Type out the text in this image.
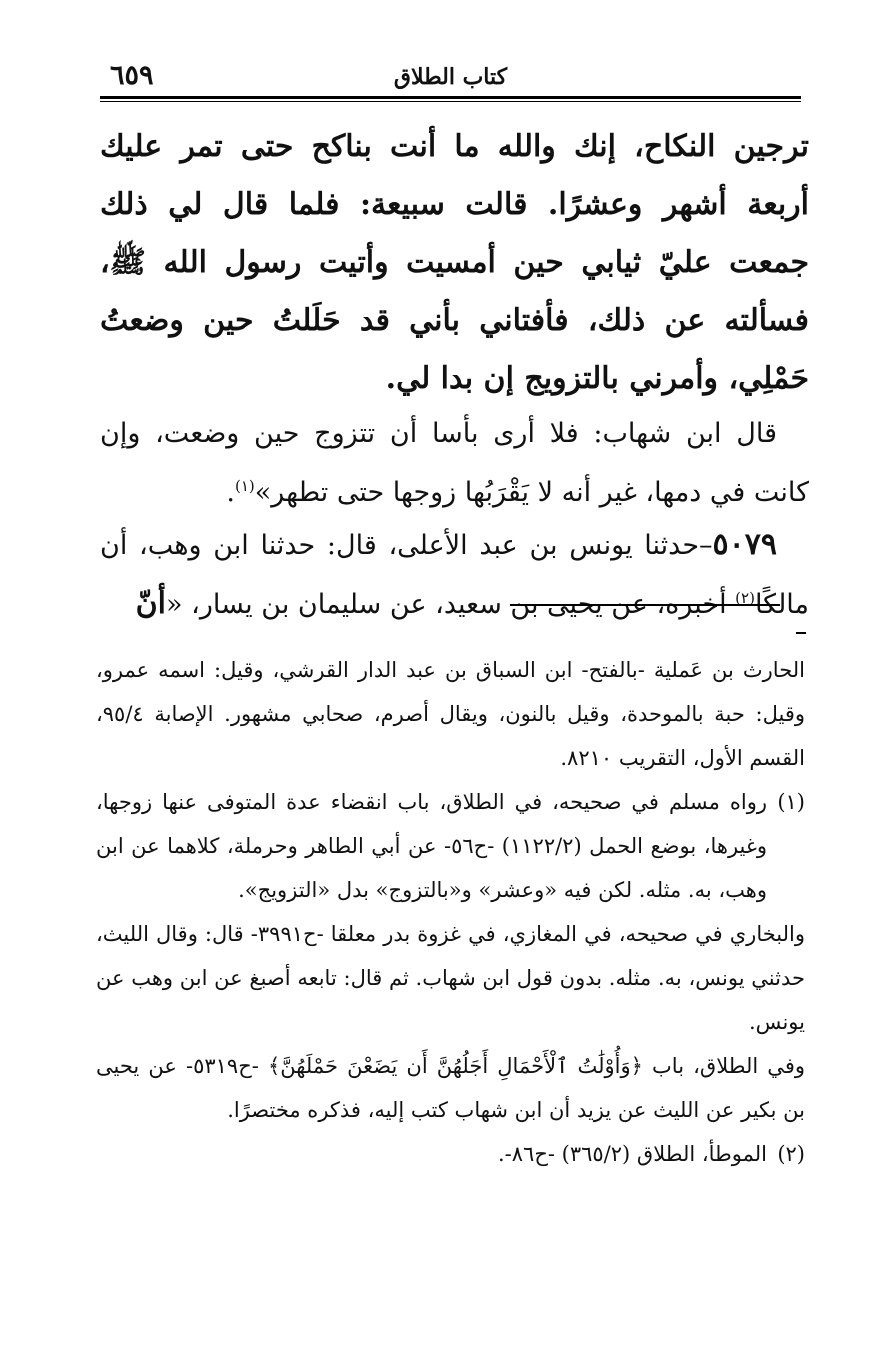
٦٥٩	كتاب الطلاق

ترجين النكاح، إنك والله ما أنت بناكح حتى تمر عليك أربعة أشهر وعشرًا. قالت سبيعة: فلما قال لي ذلك جمعت عليّ ثيابي حين أمسيت وأتيت رسول الله ﷺ، فسألته عن ذلك، فأفتاني بأني قد حَلَلتُ حين وضعتُ حَمْلِي، وأمرني بالتزويج إن بدا لي.

قال ابن شهاب: فلا أرى بأسا أن تتزوج حين وضعت، وإن كانت في دمها، غير أنه لا يَقْرَبُها زوجها حتى تطهر»$^{(١)}$.

٥٠٧٩–حدثنا يونس بن عبد الأعلى، قال: حدثنا ابن وهب، أن مالكًا$^{(٢)}$ أخبره، عن يحيى بن سعيد، عن سليمان بن يسار، «أنّ

الحارث بن عَملية -بالفتح- ابن السباق بن عبد الدار القرشي، وقيل: اسمه عمرو، وقيل: حبة بالموحدة، وقيل بالنون، ويقال أصرم، صحابي مشهور. الإصابة ٩٥/٤، القسم الأول، التقريب ٨٢١٠.

(١)

رواه مسلم في صحيحه، في الطلاق، باب انقضاء عدة المتوفى عنها زوجها، وغيرها، بوضع الحمل (١١٢٢/٢) -ح٥٦- عن أبي الطاهر وحرملة، كلاهما عن ابن وهب، به. مثله. لكن فيه «وعشر» و«بالتزوج» بدل «التزويج».

والبخاري في صحيحه، في المغازي، في غزوة بدر معلقا -ح٣٩٩١- قال: وقال الليث، حدثني يونس، به. مثله. بدون قول ابن شهاب. ثم قال: تابعه أصبغ عن ابن وهب عن يونس.

وفي الطلاق، باب ﴿وَأُوْلَٰتُ ٱلْأَحْمَالِ أَجَلُهُنَّ أَن يَضَعْنَ حَمْلَهُنَّ﴾ -ح٥٣١٩- عن يحيى بن بكير عن الليث عن يزيد أن ابن شهاب كتب إليه، فذكره مختصرًا.

(٢)

الموطأ، الطلاق (٣٦٥/٢) -ح٨٦-.
